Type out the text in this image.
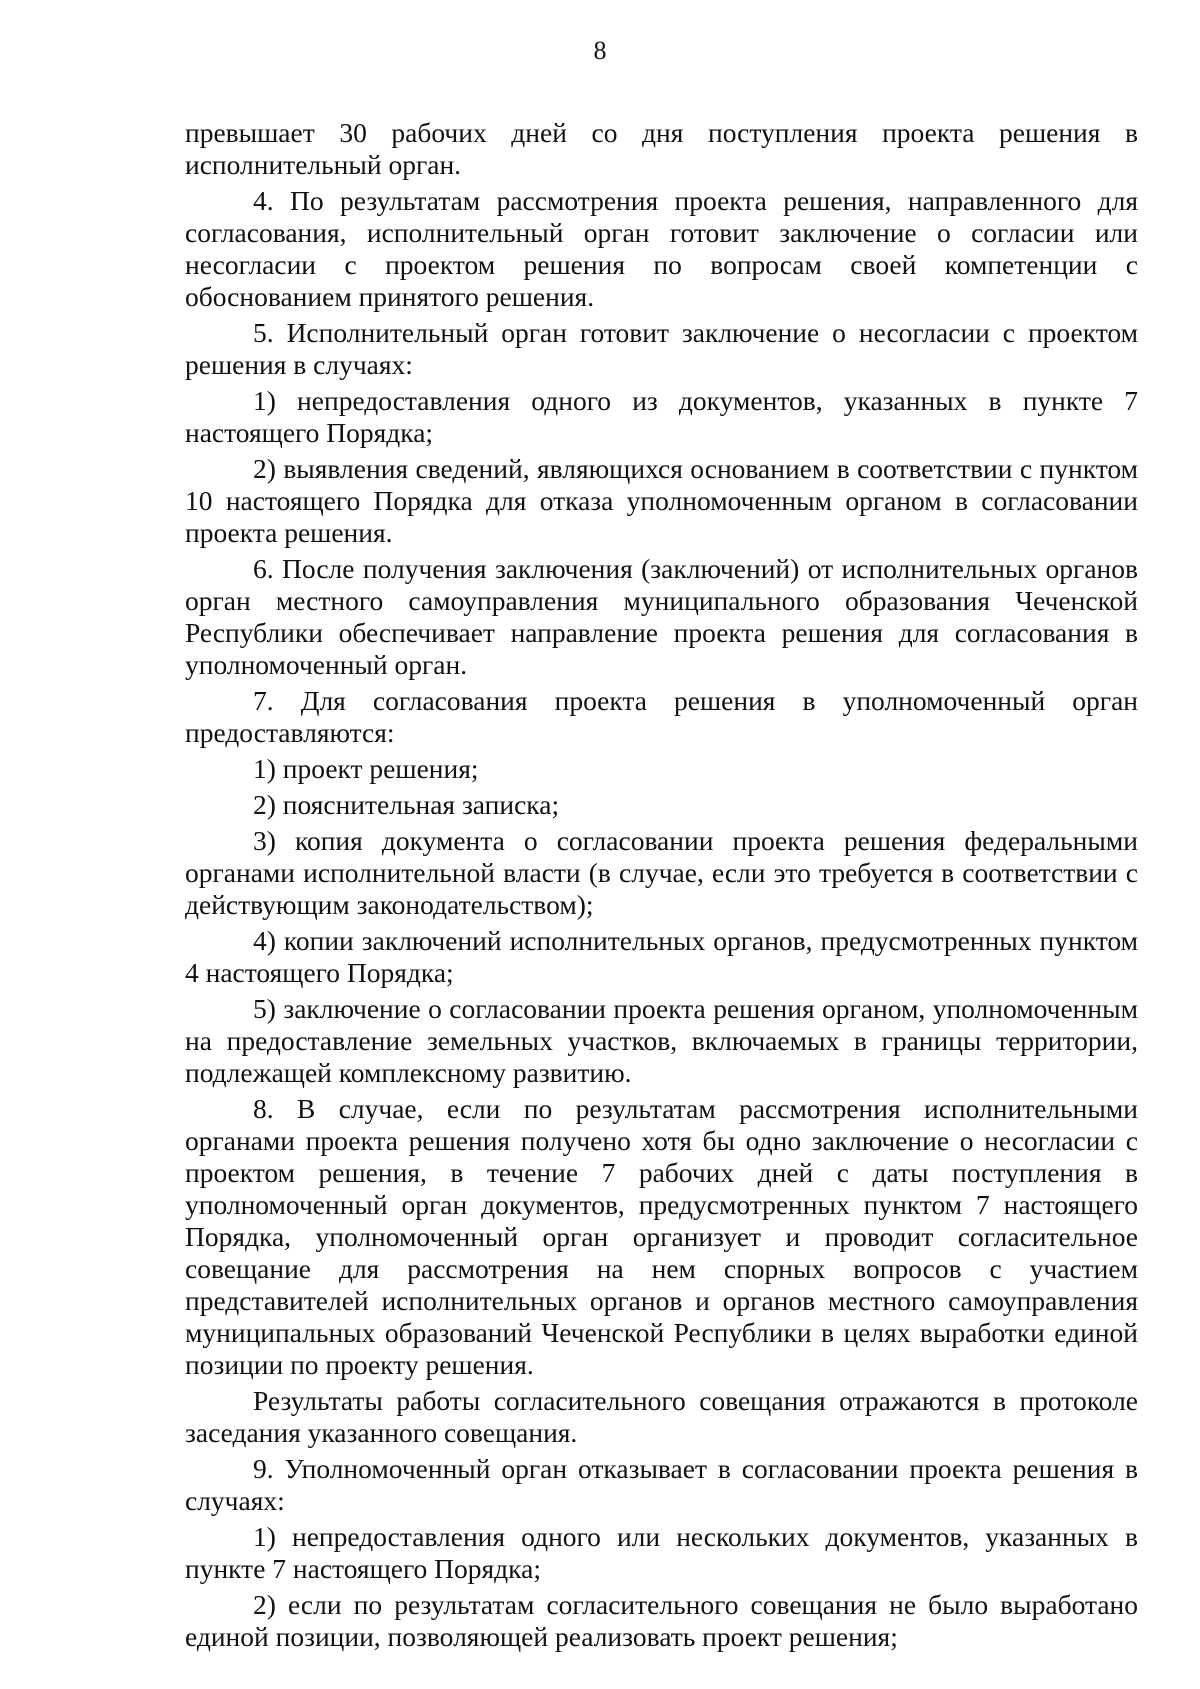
8

превышает 30 рабочих дней со дня поступления проекта решения в исполнительный орган.

4. По результатам рассмотрения проекта решения, направленного для согласования, исполнительный орган готовит заключение о согласии или несогласии с проектом решения по вопросам своей компетенции с обоснованием принятого решения.

5. Исполнительный орган готовит заключение о несогласии с проектом решения в случаях:

1) непредоставления одного из документов, указанных в пункте 7 настоящего Порядка;

2) выявления сведений, являющихся основанием в соответствии с пунктом 10 настоящего Порядка для отказа уполномоченным органом в согласовании проекта решения.

6. После получения заключения (заключений) от исполнительных органов орган местного самоуправления муниципального образования Чеченской Республики обеспечивает направление проекта решения для согласования в уполномоченный орган.

7. Для согласования проекта решения в уполномоченный орган предоставляются:

1) проект решения;

2) пояснительная записка;

3) копия документа о согласовании проекта решения федеральными органами исполнительной власти (в случае, если это требуется в соответствии с действующим законодательством);

4) копии заключений исполнительных органов, предусмотренных пунктом 4 настоящего Порядка;

5) заключение о согласовании проекта решения органом, уполномоченным на предоставление земельных участков, включаемых в границы территории, подлежащей комплексному развитию.

8. В случае, если по результатам рассмотрения исполнительными органами проекта решения получено хотя бы одно заключение о несогласии с проектом решения, в течение 7 рабочих дней с даты поступления в уполномоченный орган документов, предусмотренных пунктом 7 настоящего Порядка, уполномоченный орган организует и проводит согласительное совещание для рассмотрения на нем спорных вопросов с участием представителей исполнительных органов и органов местного самоуправления муниципальных образований Чеченской Республики в целях выработки единой позиции по проекту решения.

Результаты работы согласительного совещания отражаются в протоколе заседания указанного совещания.

9. Уполномоченный орган отказывает в согласовании проекта решения в случаях:

1) непредоставления одного или нескольких документов, указанных в пункте 7 настоящего Порядка;

2) если по результатам согласительного совещания не было выработано единой позиции, позволяющей реализовать проект решения;
